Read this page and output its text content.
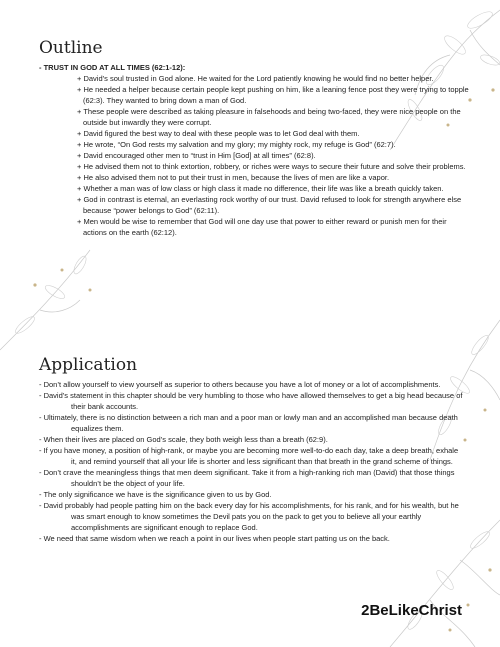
Outline

- TRUST IN GOD AT ALL TIMES (62:1-12):

+ David’s soul trusted in God alone. He waited for the Lord patiently knowing he would find no better helper.
+ He needed a helper because certain people kept pushing on him, like a leaning fence post they were trying to topple (62:3). They wanted to bring down a man of God.
+ These people were described as taking pleasure in falsehoods and being two-faced, they were nice people on the outside but inwardly they were corrupt.
+ David figured the best way to deal with these people was to let God deal with them.
+ He wrote, “On God rests my salvation and my glory; my mighty rock, my refuge is God” (62:7).
+ David encouraged other men to “trust in Him [God] at all times” (62:8).
+ He advised them not to think extortion, robbery, or riches were ways to secure their future and solve their problems.
+ He also advised them not to put their trust in men, because the lives of men are like a vapor.
+ Whether a man was of low class or high class it made no difference, their life was like a breath quickly taken.
+ God in contrast is eternal, an everlasting rock worthy of our trust. David refused to look for strength anywhere else because “power belongs to God” (62:11).
+ Men would be wise to remember that God will one day use that power to either reward or punish men for their actions on the earth (62:12).
Application
- Don’t allow yourself to view yourself as superior to others because you have a lot of money or a lot of accomplishments.
- David’s statement in this chapter should be very humbling to those who have allowed themselves to get a big head because of their bank accounts.
- Ultimately, there is no distinction between a rich man and a poor man or lowly man and an accomplished man because death equalizes them.
- When their lives are placed on God’s scale, they both weigh less than a breath (62:9).
- If you have money, a position of high-rank, or maybe you are becoming more well-to-do each day, take a deep breath, exhale it, and remind yourself that all your life is shorter and less significant than that breath in the grand scheme of things.
- Don’t crave the meaningless things that men deem significant. Take it from a high-ranking rich man (David) that those things shouldn’t be the object of your life.
- The only significance we have is the significance given to us by God.
- David probably had people patting him on the back every day for his accomplishments, for his rank, and for his wealth, but he was smart enough to know sometimes the Devil pats you on the pack to get you to believe all your earthly accomplishments are significant enough to replace God.
- We need that same wisdom when we reach a point in our lives when people start patting us on the back.
2BeLikeChrist
